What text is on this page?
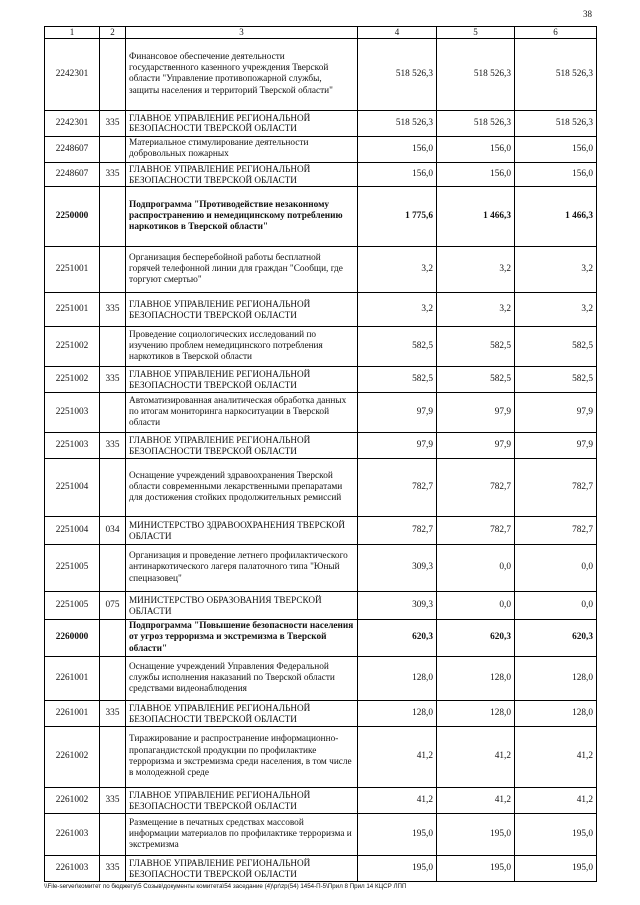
38
1	2	3	4	5	6
2242301		Финансовое обеспечение деятельности государственного казенного учреждения Тверской области "Управление противопожарной службы, защиты населения и территорий Тверской области"	518 526,3	518 526,3	518 526,3
2242301	335	ГЛАВНОЕ УПРАВЛЕНИЕ РЕГИОНАЛЬНОЙ БЕЗОПАСНОСТИ ТВЕРСКОЙ ОБЛАСТИ	518 526,3	518 526,3	518 526,3
2248607		Материальное стимулирование деятельности добровольных пожарных	156,0	156,0	156,0
2248607	335	ГЛАВНОЕ УПРАВЛЕНИЕ РЕГИОНАЛЬНОЙ БЕЗОПАСНОСТИ ТВЕРСКОЙ ОБЛАСТИ	156,0	156,0	156,0
2250000		Подпрограмма "Противодействие незаконному распространению и немедицинскому потреблению наркотиков в Тверской области"	1 775,6	1 466,3	1 466,3
2251001		Организация бесперебойной работы бесплатной горячей телефонной линии для граждан "Сообщи, где торгуют смертью"	3,2	3,2	3,2
2251001	335	ГЛАВНОЕ УПРАВЛЕНИЕ РЕГИОНАЛЬНОЙ БЕЗОПАСНОСТИ ТВЕРСКОЙ ОБЛАСТИ	3,2	3,2	3,2
2251002		Проведение социологических исследований по изучению проблем немедицинского потребления наркотиков в Тверской области	582,5	582,5	582,5
2251002	335	ГЛАВНОЕ УПРАВЛЕНИЕ РЕГИОНАЛЬНОЙ БЕЗОПАСНОСТИ ТВЕРСКОЙ ОБЛАСТИ	582,5	582,5	582,5
2251003		Автоматизированная аналитическая обработка данных по итогам мониторинга наркоситуации в Тверской области	97,9	97,9	97,9
2251003	335	ГЛАВНОЕ УПРАВЛЕНИЕ РЕГИОНАЛЬНОЙ БЕЗОПАСНОСТИ ТВЕРСКОЙ ОБЛАСТИ	97,9	97,9	97,9
2251004		Оснащение учреждений здравоохранения Тверской области современными лекарственными препаратами для достижения стойких продолжительных ремиссий	782,7	782,7	782,7
2251004	034	МИНИСТЕРСТВО ЗДРАВООХРАНЕНИЯ ТВЕРСКОЙ ОБЛАСТИ	782,7	782,7	782,7
2251005		Организация и проведение летнего профилактического антинаркотического лагеря палаточного типа "Юный спецназовец"	309,3	0,0	0,0
2251005	075	МИНИСТЕРСТВО ОБРАЗОВАНИЯ ТВЕРСКОЙ ОБЛАСТИ	309,3	0,0	0,0
2260000		Подпрограмма "Повышение безопасности населения от угроз терроризма и экстремизма в Тверской области"	620,3	620,3	620,3
2261001		Оснащение учреждений Управления Федеральной службы исполнения наказаний по Тверской области средствами видеонаблюдения	128,0	128,0	128,0
2261001	335	ГЛАВНОЕ УПРАВЛЕНИЕ РЕГИОНАЛЬНОЙ БЕЗОПАСНОСТИ ТВЕРСКОЙ ОБЛАСТИ	128,0	128,0	128,0
2261002		Тиражирование и распространение информационно-пропагандистской продукции по профилактике терроризма и экстремизма среди населения, в том числе в молодежной среде	41,2	41,2	41,2
2261002	335	ГЛАВНОЕ УПРАВЛЕНИЕ РЕГИОНАЛЬНОЙ БЕЗОПАСНОСТИ ТВЕРСКОЙ ОБЛАСТИ	41,2	41,2	41,2
2261003		Размещение в печатных средствах массовой информации материалов по профилактике терроризма и экстремизма	195,0	195,0	195,0
2261003	335	ГЛАВНОЕ УПРАВЛЕНИЕ РЕГИОНАЛЬНОЙ БЕЗОПАСНОСТИ ТВЕРСКОЙ ОБЛАСТИ	195,0	195,0	195,0
\\File-server\комитет по бюджету\5 Созыв\документы комитета\54 заседание (4)\pr\zp(54) 1454-П-5\Прил 8 Прил 14 КЦСР ЛПП
